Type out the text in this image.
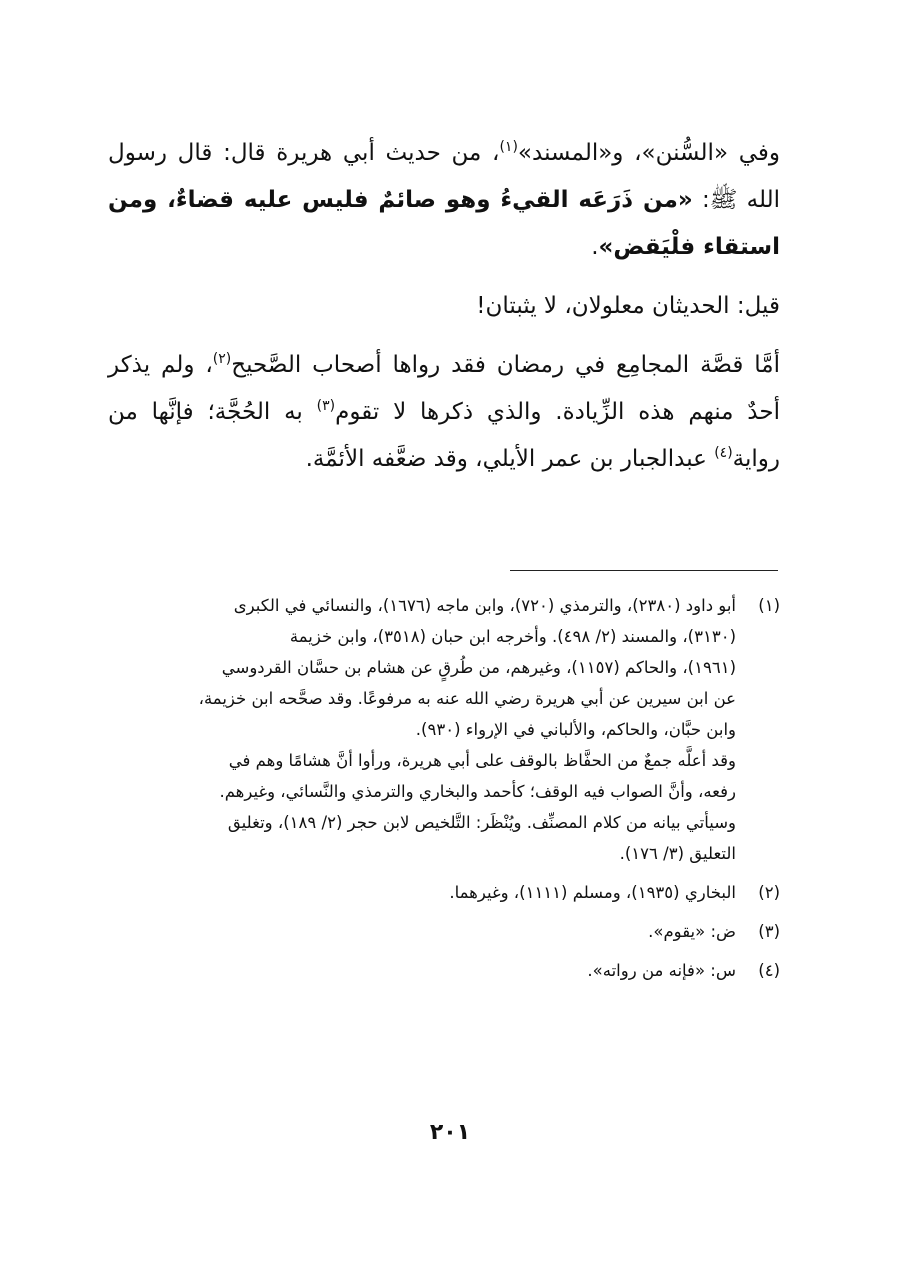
وفي «السُّنن»، و«المسند»$^{(١)}$، من حديث أبي هريرة قال: قال رسول الله ﷺ: «من ذَرَعَه القيءُ وهو صائمٌ فليس عليه قضاءٌ، ومن استقاء فلْيَقض».

قيل: الحديثان معلولان، لا يثبتان!

أمَّا قصَّة المجامِع في رمضان فقد رواها أصحاب الصَّحيح$^{(٢)}$، ولم يذكر أحدٌ منهم هذه الزِّيادة. والذي ذكرها لا تقوم$^{(٣)}$ به الحُجَّة؛ فإنَّها من رواية$^{(٤)}$ عبدالجبار بن عمر الأيلي، وقد ضعَّفه الأئمَّة.

(١)
أبو داود (٢٣٨٠)، والترمذي (٧٢٠)، وابن ماجه (١٦٧٦)، والنسائي في الكبرى
(٣١٣٠)، والمسند (٢/ ٤٩٨). وأخرجه ابن حبان (٣٥١٨)، وابن خزيمة
(١٩٦١)، والحاكم (١١٥٧)، وغيرهم، من طُرقٍ عن هشام بن حسَّان القردوسي
عن ابن سيرين عن أبي هريرة رضي الله عنه به مرفوعًا. وقد صحَّحه ابن خزيمة،
وابن حبَّان، والحاكم، والألباني في الإرواء (٩٣٠).
وقد أعلَّه جمعٌ من الحفَّاظ بالوقف على أبي هريرة، ورأوا أنَّ هشامًا وهم في
رفعه، وأنَّ الصواب فيه الوقف؛ كأحمد والبخاري والترمذي والنَّسائي، وغيرهم.
وسيأتي بيانه من كلام المصنِّف. ويُنْظَر: التَّلخيص لابن حجر (٢/ ١٨٩)، وتغليق
التعليق (٣/ ١٧٦).
(٢)
البخاري (١٩٣٥)، ومسلم (١١١١)، وغيرهما.
(٣)
ض: «يقوم».
(٤)
س: «فإنه من رواته».
٢٠١
